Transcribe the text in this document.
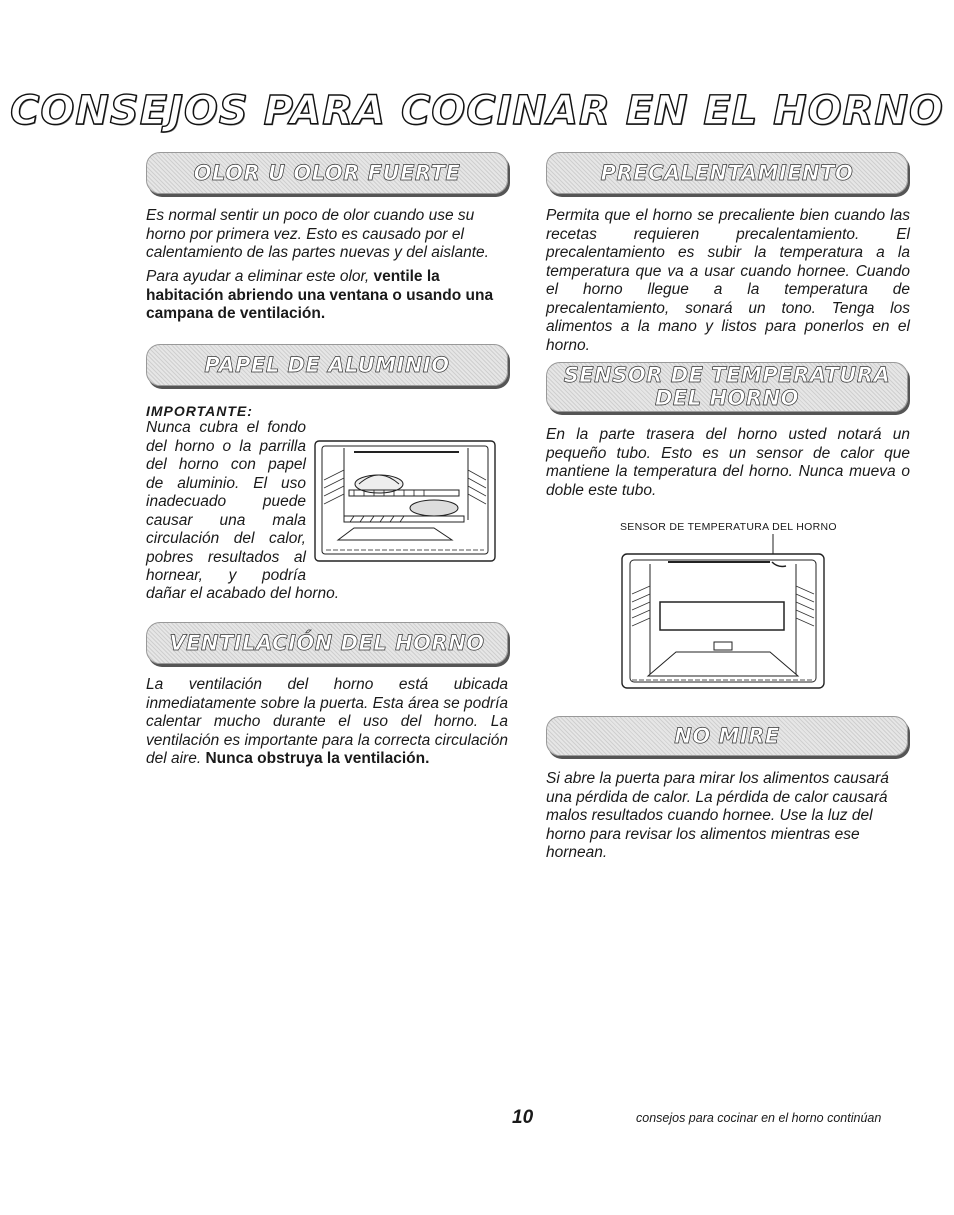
CONSEJOS PARA COCINAR EN EL HORNO
OLOR U OLOR FUERTE

Es normal sentir un poco de olor cuando use su horno por primera vez. Esto es causado por el calentamiento de las partes nuevas y del aislante.

Para ayudar a eliminar este olor, ventile la habitación abriendo una ventana o usando una campana de ventilación.

PAPEL DE ALUMINIO
IMPORTANTE:
Nunca cubra el fondo
del horno o la parrilla
del horno con papel
de aluminio. El uso
inadecuado puede
causar una mala
circulación del calor,
pobres resultados al
hornear, y podría
dañar el acabado del horno.
VENTILACIÓN DEL HORNO

La ventilación del horno está ubicada inmediatamente sobre la puerta. Esta área se podría calentar mucho durante el uso del horno. La ventilación es importante para la correcta circulación del aire. Nunca obstruya la ventilación.

PRECALENTAMIENTO

Permita que el horno se precaliente bien cuando las recetas requieren precalentamiento. El precalentamiento es subir la temperatura a la temperatura que va a usar cuando hornee. Cuando el horno llegue a la temperatura de precalentamiento, sonará un tono. Tenga los alimentos a la mano y listos para ponerlos en el horno.

SENSOR DE TEMPERATURA
DEL HORNO

En la parte trasera del horno usted notará un pequeño tubo. Esto es un sensor de calor que mantiene la temperatura del horno. Nunca mueva o doble este tubo.

SENSOR DE TEMPERATURA DEL HORNO
NO MIRE

Si abre la puerta para mirar los alimentos causará una pérdida de calor. La pérdida de calor causará malos resultados cuando hornee. Use la luz del horno para revisar los alimentos mientras ese hornean.

10	consejos para cocinar en el horno continúan
